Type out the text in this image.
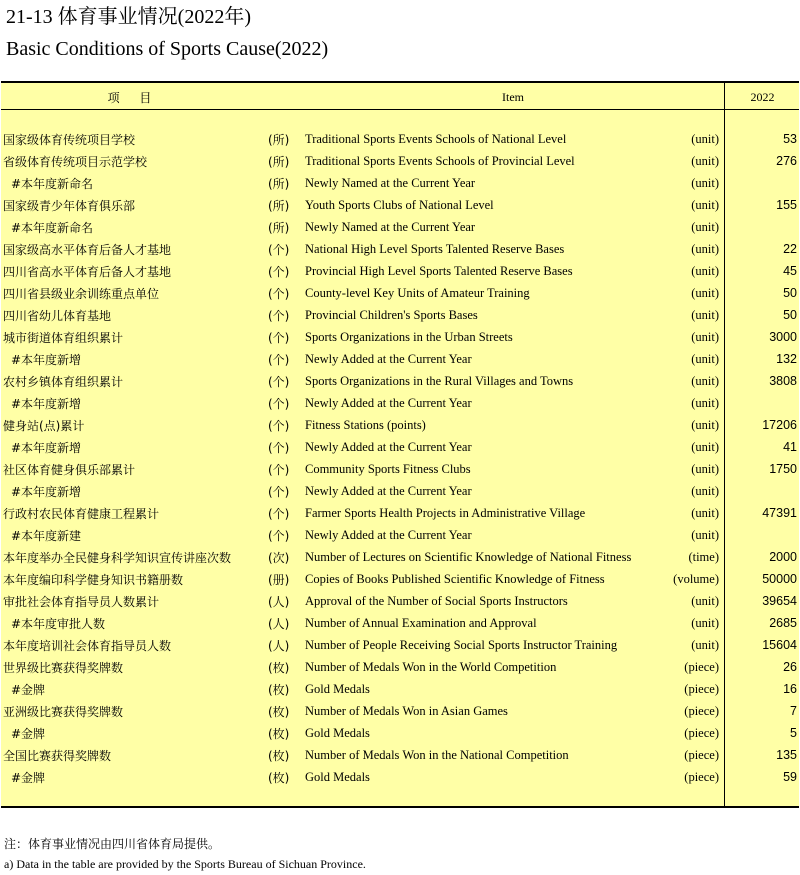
21-13 体育事业情况(2022年)
Basic Conditions of Sports Cause(2022)
项 目	Item	2022
国家级体育传统项目学校	(所) Traditional Sports Events Schools of National Level	(unit)	53
省级体育传统项目示范学校	(所) Traditional Sports Events Schools of Provincial Level	(unit)	276
#本年度新命名	(所) Newly Named at the Current Year	(unit)
国家级青少年体育俱乐部	(所) Youth Sports Clubs of National Level	(unit)	155
#本年度新命名	(所) Newly Named at the Current Year	(unit)
国家级高水平体育后备人才基地	(个) National High Level Sports Talented Reserve Bases	(unit)	22
四川省高水平体育后备人才基地	(个) Provincial High Level Sports Talented Reserve Bases	(unit)	45
四川省县级业余训练重点单位	(个) County-level Key Units of Amateur Training	(unit)	50
四川省幼儿体育基地	(个) Provincial Children's Sports Bases	(unit)	50
城市街道体育组织累计	(个) Sports Organizations in the Urban Streets	(unit)	3000
#本年度新增	(个) Newly Added at the Current Year	(unit)	132
农村乡镇体育组织累计	(个) Sports Organizations in the Rural Villages and Towns	(unit)	3808
#本年度新增	(个) Newly Added at the Current Year	(unit)
健身站(点)累计	(个) Fitness Stations (points)	(unit)	17206
#本年度新增	(个) Newly Added at the Current Year	(unit)	41
社区体育健身俱乐部累计	(个) Community Sports Fitness Clubs	(unit)	1750
#本年度新增	(个) Newly Added at the Current Year	(unit)
行政村农民体育健康工程累计	(个) Farmer Sports Health Projects in Administrative Village	(unit)	47391
#本年度新建	(个) Newly Added at the Current Year	(unit)
本年度举办全民健身科学知识宣传讲座次数	(次) Number of Lectures on Scientific Knowledge of National Fitness	(time)	2000
本年度编印科学健身知识书籍册数	(册) Copies of Books Published Scientific Knowledge of Fitness	(volume)	50000
审批社会体育指导员人数累计	(人) Approval of the Number of Social Sports Instructors	(unit)	39654
#本年度审批人数	(人) Number of Annual Examination and Approval	(unit)	2685
本年度培训社会体育指导员人数	(人) Number of People Receiving Social Sports Instructor Training	(unit)	15604
世界级比赛获得奖牌数	(枚) Number of Medals Won in the World Competition	(piece)	26
#金牌	(枚) Gold Medals	(piece)	16
亚洲级比赛获得奖牌数	(枚) Number of Medals Won in Asian Games	(piece)	7
#金牌	(枚) Gold Medals	(piece)	5
全国比赛获得奖牌数	(枚) Number of Medals Won in the National Competition	(piece)	135
#金牌	(枚) Gold Medals	(piece)	59
注：体育事业情况由四川省体育局提供。
a) Data in the table are provided by the Sports Bureau of Sichuan Province.
